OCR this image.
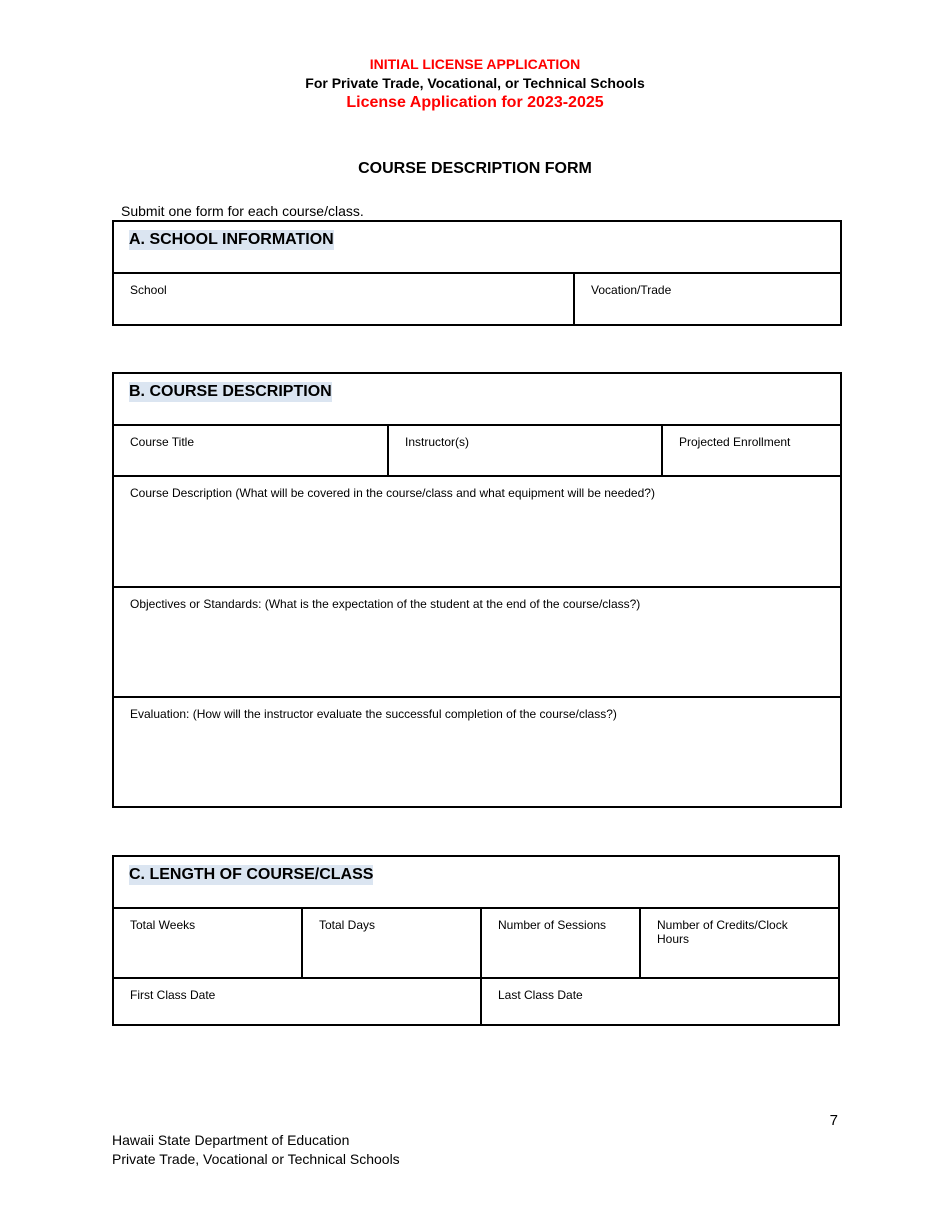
INITIAL LICENSE APPLICATION
For Private Trade, Vocational, or Technical Schools
License Application for 2023-2025
COURSE DESCRIPTION FORM
Submit one form for each course/class.
A. SCHOOL INFORMATION

School	Vocation/Trade
B. COURSE DESCRIPTION

Course Title	Instructor(s)	Projected Enrollment

Course Description (What will be covered in the course/class and what equipment will be needed?)

Objectives or Standards: (What is the expectation of the student at the end of the course/class?)

Evaluation: (How will the instructor evaluate the successful completion of the course/class?)
C. LENGTH OF COURSE/CLASS			

Total Weeks	Total Days	Number of Sessions	Number of Credits/Clock Hours

First Class Date		Last Class Date	
7
Hawaii State Department of Education
Private Trade, Vocational or Technical Schools
